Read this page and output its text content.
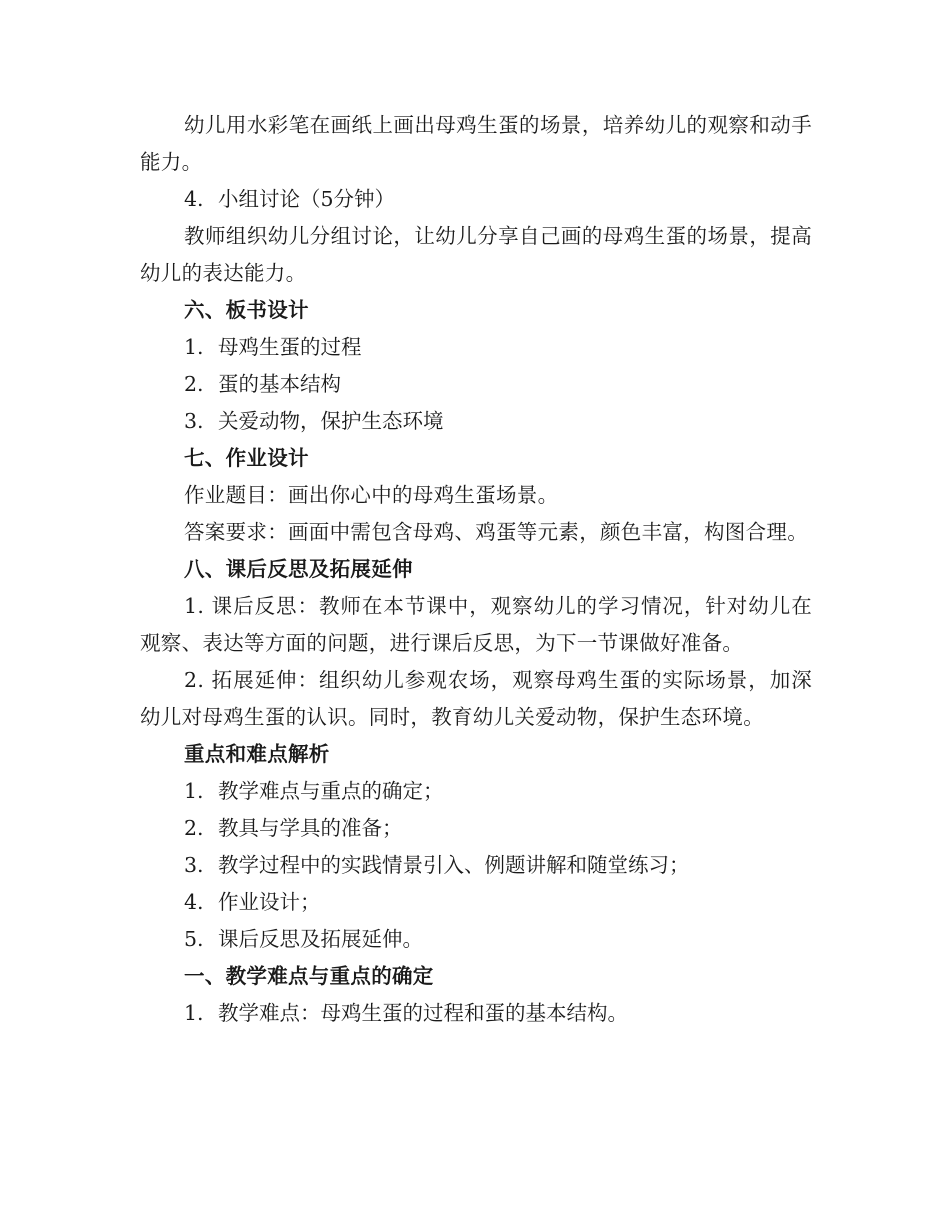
幼儿用水彩笔在画纸上画出母鸡生蛋的场景，培养幼儿的观察和动手能力。

4. 小组讨论（5分钟）

教师组织幼儿分组讨论，让幼儿分享自己画的母鸡生蛋的场景，提高幼儿的表达能力。

六、板书设计

1. 母鸡生蛋的过程
2. 蛋的基本结构
3. 关爱动物，保护生态环境

七、作业设计

作业题目：画出你心中的母鸡生蛋场景。

答案要求：画面中需包含母鸡、鸡蛋等元素，颜色丰富，构图合理。

八、课后反思及拓展延伸

1. 课后反思：教师在本节课中，观察幼儿的学习情况，针对幼儿在观察、表达等方面的问题，进行课后反思，为下一节课做好准备。

2. 拓展延伸：组织幼儿参观农场，观察母鸡生蛋的实际场景，加深幼儿对母鸡生蛋的认识。同时，教育幼儿关爱动物，保护生态环境。

重点和难点解析

1. 教学难点与重点的确定；
2. 教具与学具的准备；
3. 教学过程中的实践情景引入、例题讲解和随堂练习；
4. 作业设计；
5. 课后反思及拓展延伸。

一、教学难点与重点的确定

1. 教学难点：母鸡生蛋的过程和蛋的基本结构。
